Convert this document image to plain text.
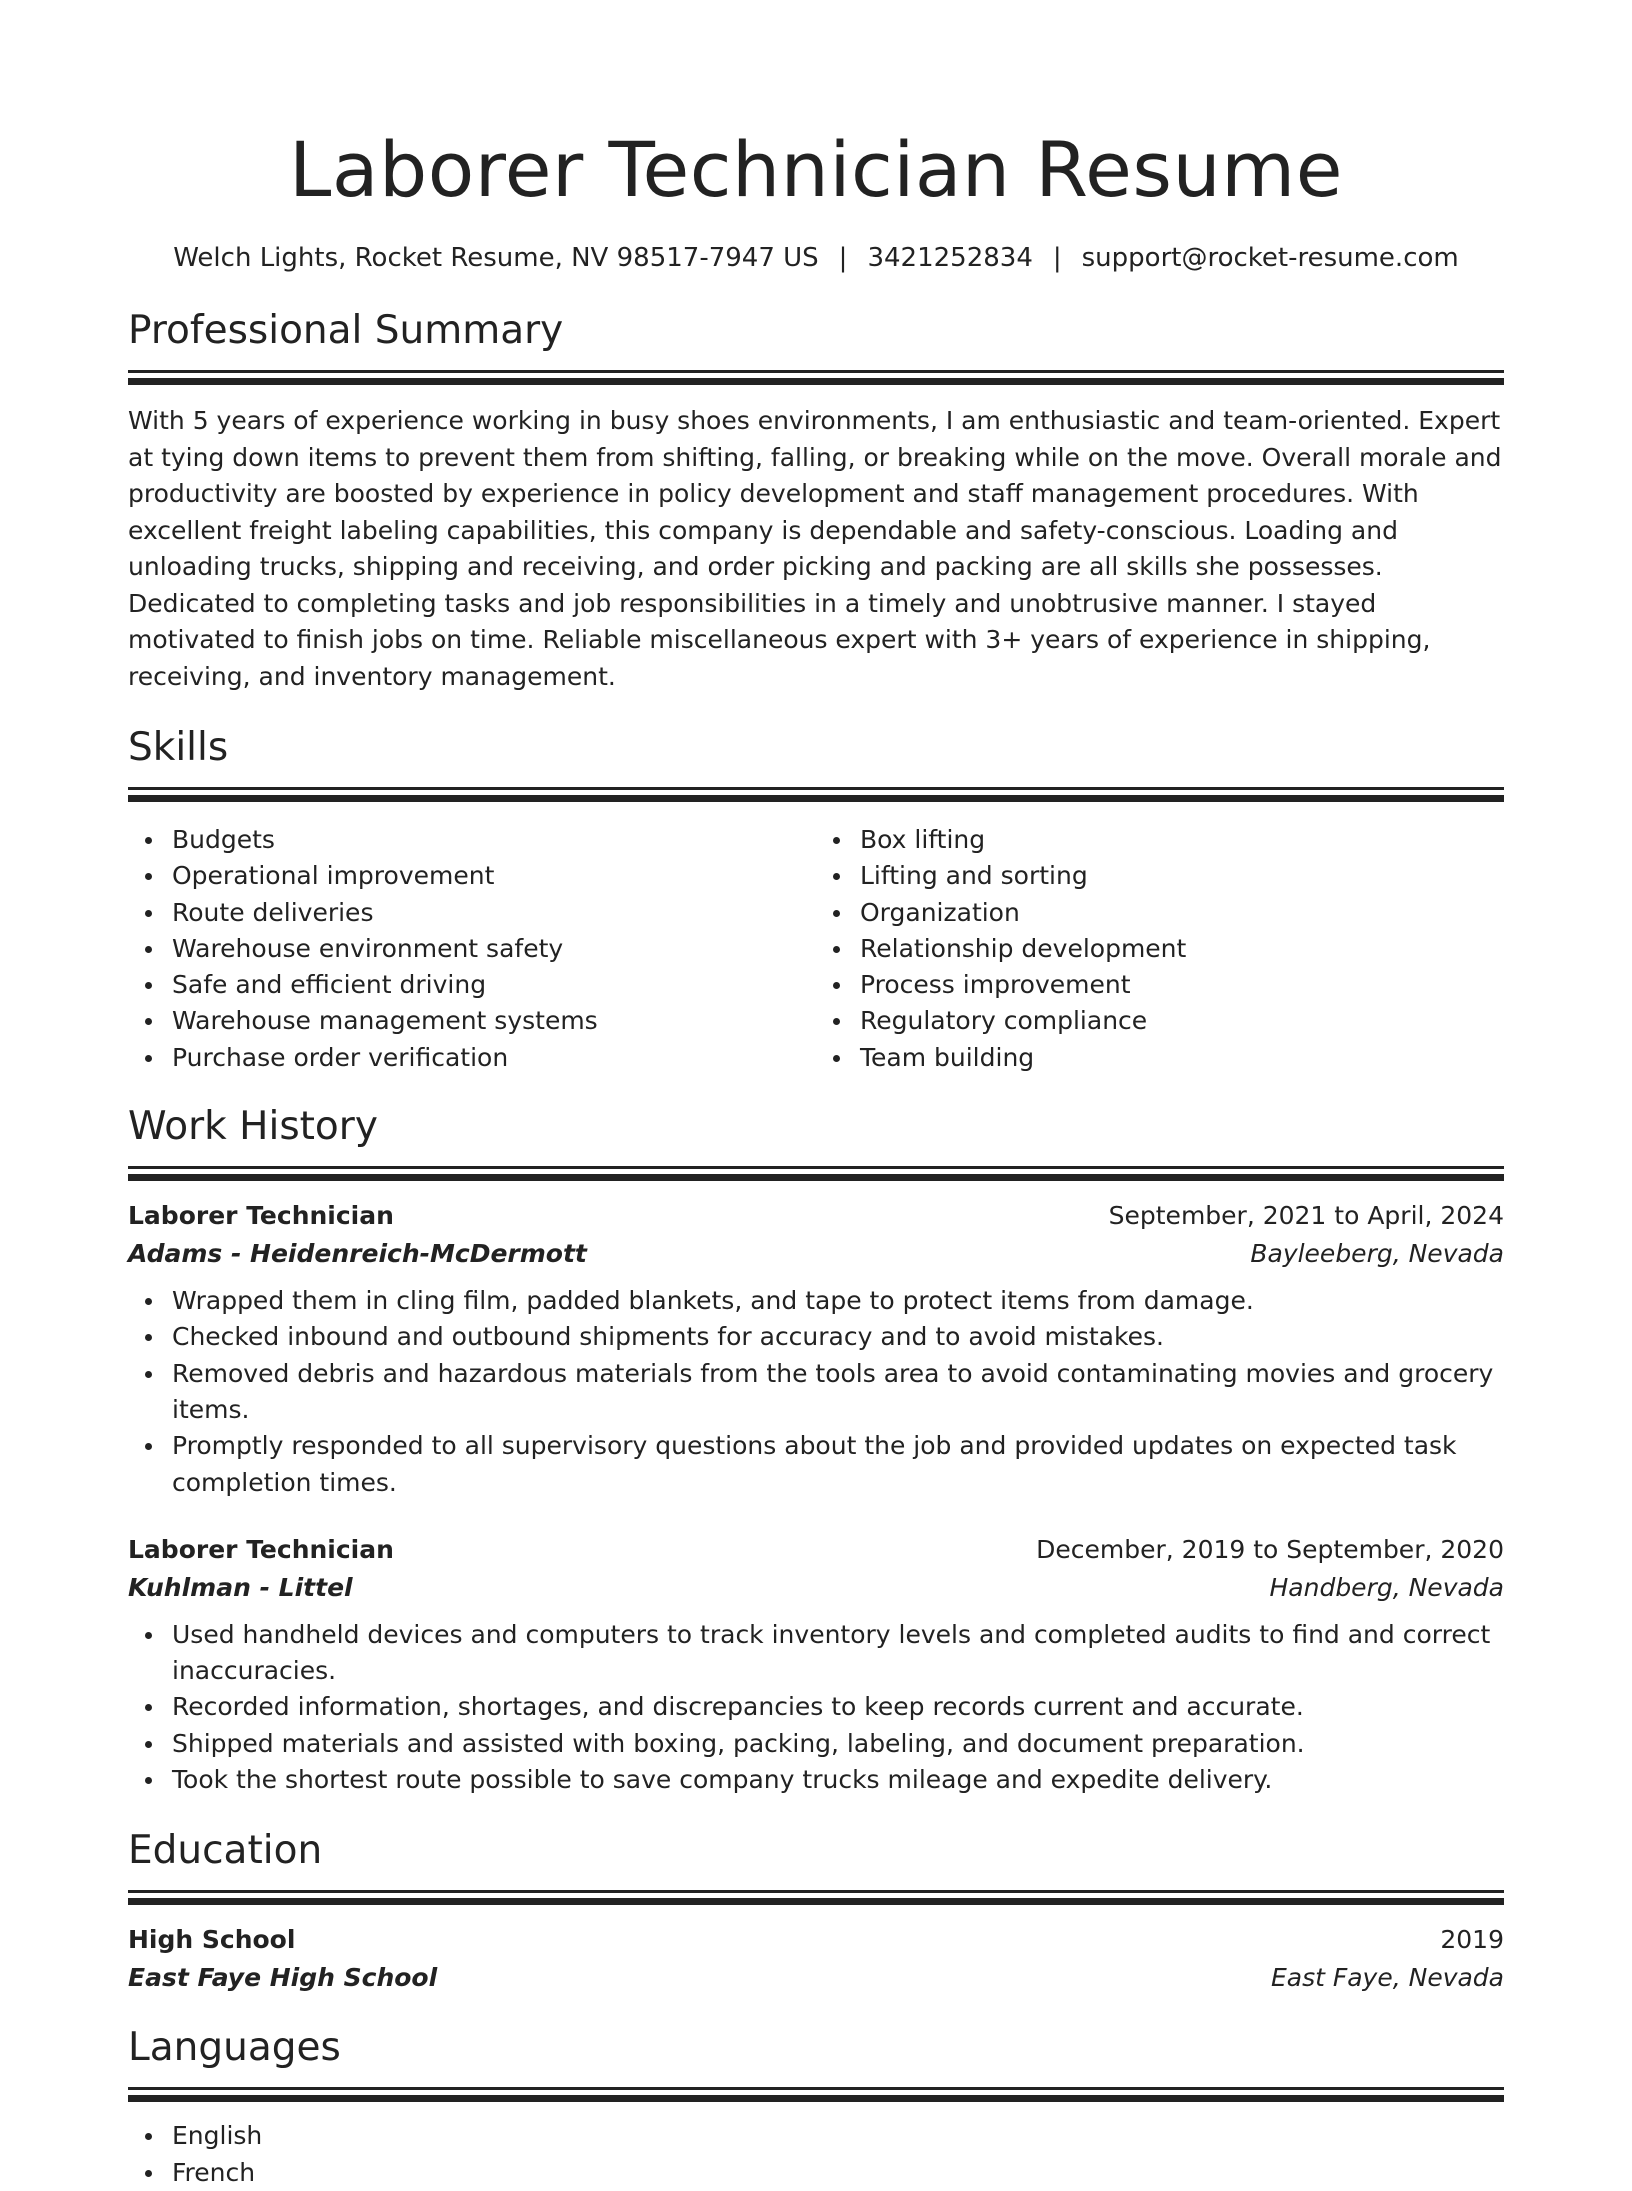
Laborer Technician Resume
Welch Lights, Rocket Resume, NV 98517-7947 US | 3421252834 | support@rocket-resume.com
Professional Summary

With 5 years of experience working in busy shoes environments, I am enthusiastic and team-oriented. Expert at tying down items to prevent them from shifting, falling, or breaking while on the move. Overall morale and productivity are boosted by experience in policy development and staff management procedures. With excellent freight labeling capabilities, this company is dependable and safety-conscious. Loading and unloading trucks, shipping and receiving, and order picking and packing are all skills she possesses. Dedicated to completing tasks and job responsibilities in a timely and unobtrusive manner. I stayed motivated to finish jobs on time. Reliable miscellaneous expert with 3+ years of experience in shipping, receiving, and inventory management.

Skills
Budgets
Operational improvement
Route deliveries
Warehouse environment safety
Safe and efficient driving
Warehouse management systems
Purchase order verification
Box lifting
Lifting and sorting
Organization
Relationship development
Process improvement
Regulatory compliance
Team building
Work History
Laborer Technician	September, 2021 to April, 2024
Adams - Heidenreich-McDermott	Bayleeberg, Nevada
Wrapped them in cling film, padded blankets, and tape to protect items from damage.
Checked inbound and outbound shipments for accuracy and to avoid mistakes.
Removed debris and hazardous materials from the tools area to avoid contaminating movies and grocery items.
Promptly responded to all supervisory questions about the job and provided updates on expected task completion times.
Laborer Technician	December, 2019 to September, 2020
Kuhlman - Littel	Handberg, Nevada
Used handheld devices and computers to track inventory levels and completed audits to find and correct inaccuracies.
Recorded information, shortages, and discrepancies to keep records current and accurate.
Shipped materials and assisted with boxing, packing, labeling, and document preparation.
Took the shortest route possible to save company trucks mileage and expedite delivery.
Education
High School	2019
East Faye High School	East Faye, Nevada
Languages
English
French
